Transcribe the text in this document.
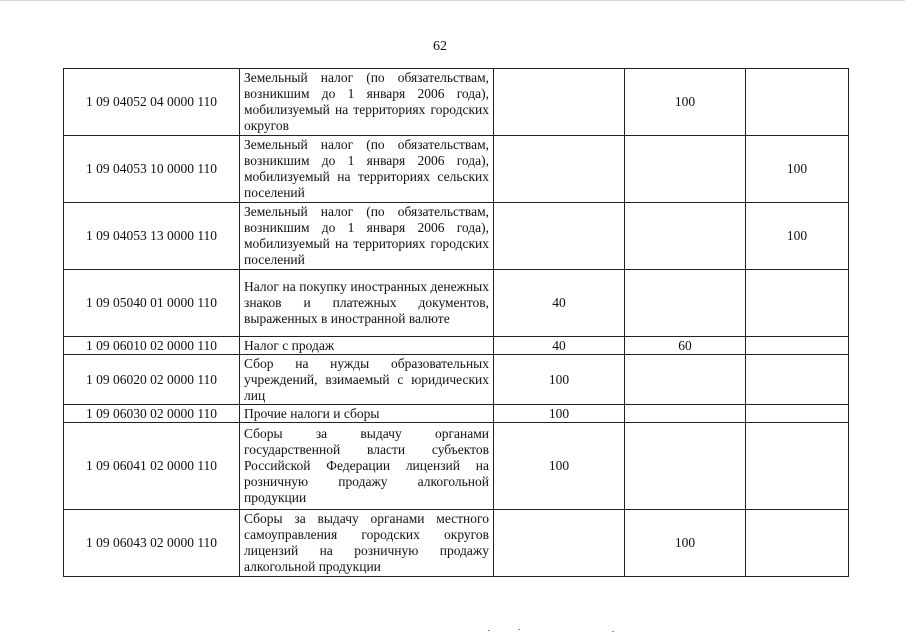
62
1 09 04052 04 0000 110	Земельный налог (по обязательствам, возникшим до 1 января 2006 года), мобилизуемый на территориях городских округов		100	
1 09 04053 10 0000 110	Земельный налог (по обязательствам, возникшим до 1 января 2006 года), мобилизуемый на территориях сельских поселений			100
1 09 04053 13 0000 110	Земельный налог (по обязательствам, возникшим до 1 января 2006 года), мобилизуемый на территориях городских поселений			100
1 09 05040 01 0000 110	Налог на покупку иностранных денежных знаков и платежных документов, выраженных в иностранной валюте	40		
1 09 06010 02 0000 110	Налог с продаж	40	60	
1 09 06020 02 0000 110	Сбор на нужды образовательных учреждений, взимаемый с юридических лиц	100		
1 09 06030 02 0000 110	Прочие налоги и сборы	100		
1 09 06041 02 0000 110	Сборы за выдачу органами государственной власти субъектов Российской Федерации лицензий на розничную продажу алкогольной продукции	100		
1 09 06043 02 0000 110	Сборы за выдачу органами местного самоуправления городских округов лицензий на розничную продажу алкогольной продукции		100	
